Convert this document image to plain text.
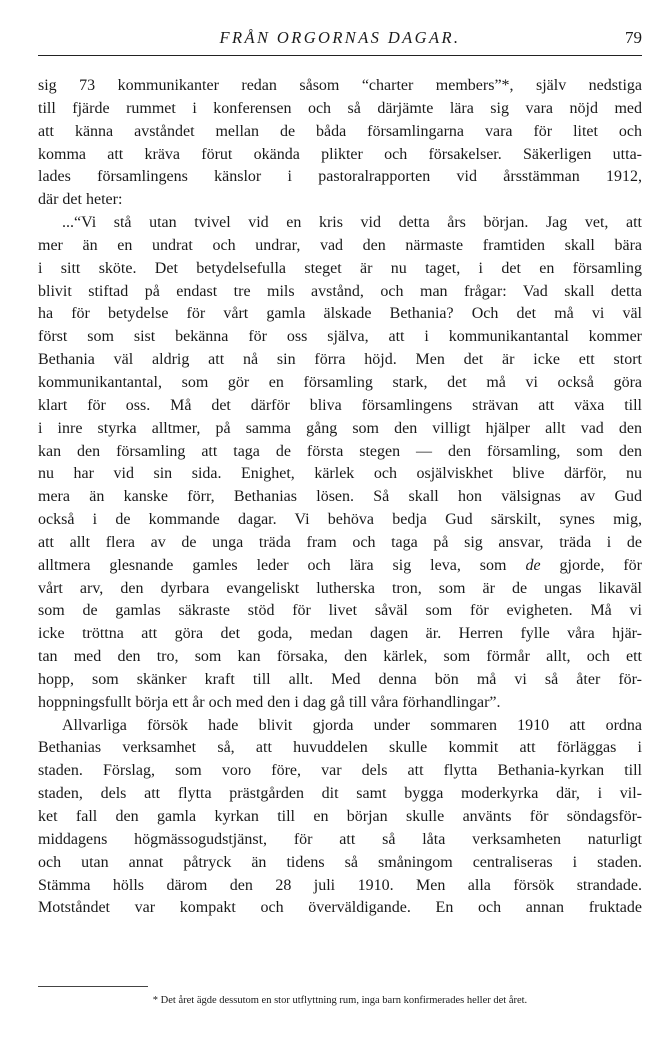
FRÅN ORGORNAS DAGAR.	79
sig 73 kommunikanter redan såsom “charter members”*, själv nedstiga
till fjärde rummet i konferensen och så därjämte lära sig vara nöjd med
att känna avståndet mellan de båda församlingarna vara för litet och
komma att kräva förut okända plikter och försakelser. Säkerligen utta-
lades församlingens känslor i pastoralrapporten vid årsstämman 1912,
där det heter:
...“Vi stå utan tvivel vid en kris vid detta års början. Jag vet, att
mer än en undrat och undrar, vad den närmaste framtiden skall bära
i sitt sköte. Det betydelsefulla steget är nu taget, i det en församling
blivit stiftad på endast tre mils avstånd, och man frågar: Vad skall detta
ha för betydelse för vårt gamla älskade Bethania? Och det må vi väl
först som sist bekänna för oss själva, att i kommunikantantal kommer
Bethania väl aldrig att nå sin förra höjd. Men det är icke ett stort
kommunikantantal, som gör en församling stark, det må vi också göra
klart för oss. Må det därför bliva församlingens strävan att växa till
i inre styrka alltmer, på samma gång som den villigt hjälper allt vad den
kan den församling att taga de första stegen — den församling, som den
nu har vid sin sida. Enighet, kärlek och osjälviskhet blive därför, nu
mera än kanske förr, Bethanias lösen. Så skall hon välsignas av Gud
också i de kommande dagar. Vi behöva bedja Gud särskilt, synes mig,
att allt flera av de unga träda fram och taga på sig ansvar, träda i de
alltmera glesnande gamles leder och lära sig leva, som de gjorde, för
vårt arv, den dyrbara evangeliskt lutherska tron, som är de ungas likaväl
som de gamlas säkraste stöd för livet såväl som för evigheten. Må vi
icke tröttna att göra det goda, medan dagen är. Herren fylle våra hjär-
tan med den tro, som kan försaka, den kärlek, som förmår allt, och ett
hopp, som skänker kraft till allt. Med denna bön må vi så åter för-
hoppningsfullt börja ett år och med den i dag gå till våra förhandlingar”.
Allvarliga försök hade blivit gjorda under sommaren 1910 att ordna
Bethanias verksamhet så, att huvuddelen skulle kommit att förläggas i
staden. Förslag, som voro före, var dels att flytta Bethania-kyrkan till
staden, dels att flytta prästgården dit samt bygga moderkyrka där, i vil-
ket fall den gamla kyrkan till en början skulle använts för söndagsför-
middagens högmässogudstjänst, för att så låta verksamheten naturligt
och utan annat påtryck än tidens så småningom centraliseras i staden.
Stämma hölls därom den 28 juli 1910. Men alla försök strandade.
Motståndet var kompakt och överväldigande. En och annan fruktade
* Det året ägde dessutom en stor utflyttning rum, inga barn konfirmerades heller det året.
